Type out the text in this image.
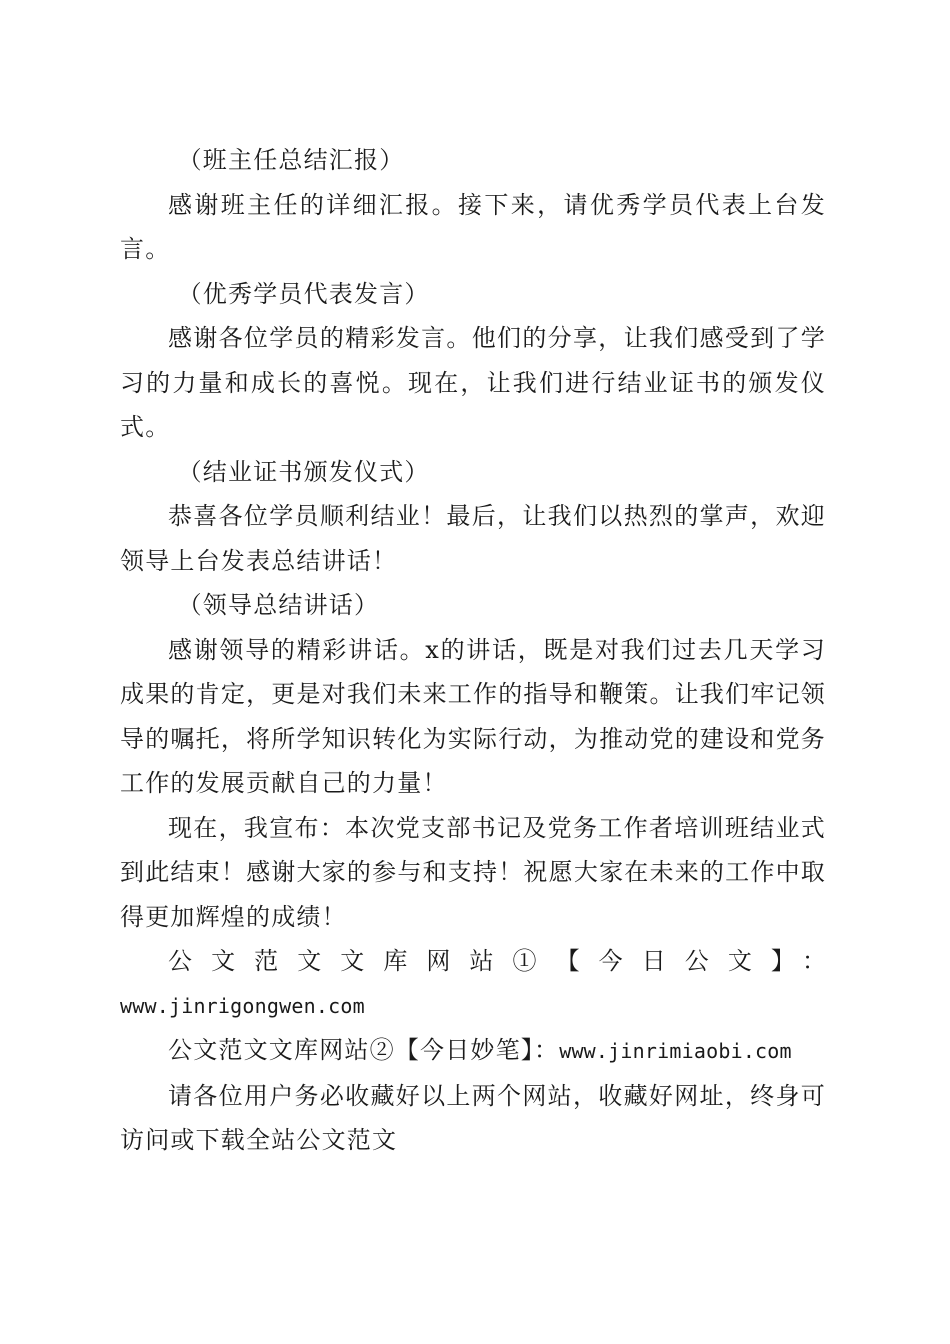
（班主任总结汇报）

感谢班主任的详细汇报。接下来，请优秀学员代表上台发言。

（优秀学员代表发言）

感谢各位学员的精彩发言。他们的分享，让我们感受到了学习的力量和成长的喜悦。现在，让我们进行结业证书的颁发仪式。

（结业证书颁发仪式）

恭喜各位学员顺利结业！最后，让我们以热烈的掌声，欢迎领导上台发表总结讲话！

（领导总结讲话）

感谢领导的精彩讲话。x的讲话，既是对我们过去几天学习成果的肯定，更是对我们未来工作的指导和鞭策。让我们牢记领导的嘱托，将所学知识转化为实际行动，为推动党的建设和党务工作的发展贡献自己的力量！

现在，我宣布：本次党支部书记及党务工作者培训班结业式到此结束！感谢大家的参与和支持！祝愿大家在未来的工作中取得更加辉煌的成绩！

公文范文文库网站①【今日公文】：

www.jinrigongwen.com

公文范文文库网站②【今日妙笔】：www.jinrimiaobi.com

请各位用户务必收藏好以上两个网站，收藏好网址，终身可访问或下载全站公文范文
